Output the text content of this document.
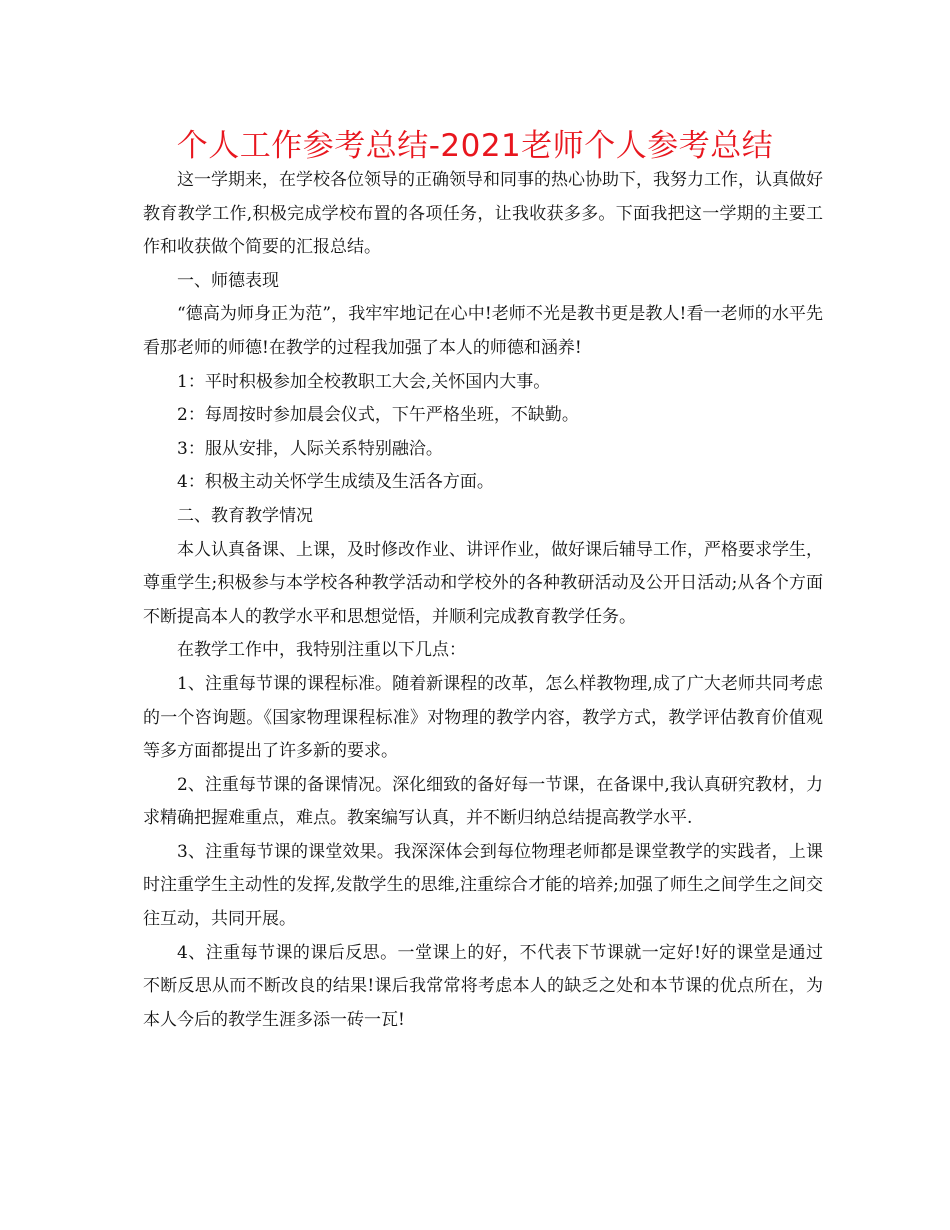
个人工作参考总结-2021老师个人参考总结

这一学期来，在学校各位领导的正确领导和同事的热心协助下，我努力工作，认真做好教育教学工作,积极完成学校布置的各项任务，让我收获多多。下面我把这一学期的主要工作和收获做个简要的汇报总结。

一、师德表现

“德高为师身正为范”，我牢牢地记在心中!老师不光是教书更是教人!看一老师的水平先看那老师的师德!在教学的过程我加强了本人的师德和涵养!

1：平时积极参加全校教职工大会,关怀国内大事。

2：每周按时参加晨会仪式，下午严格坐班，不缺勤。

3：服从安排，人际关系特别融洽。

4：积极主动关怀学生成绩及生活各方面。

二、教育教学情况

本人认真备课、上课，及时修改作业、讲评作业，做好课后辅导工作，严格要求学生，尊重学生;积极参与本学校各种教学活动和学校外的各种教研活动及公开日活动;从各个方面不断提高本人的教学水平和思想觉悟，并顺利完成教育教学任务。

在教学工作中，我特别注重以下几点：

1、注重每节课的课程标准。随着新课程的改革，怎么样教物理,成了广大老师共同考虑的一个咨询题。《国家物理课程标准》对物理的教学内容，教学方式，教学评估教育价值观等多方面都提出了许多新的要求。

2、注重每节课的备课情况。深化细致的备好每一节课，在备课中,我认真研究教材，力求精确把握难重点，难点。教案编写认真，并不断归纳总结提高教学水平.

3、注重每节课的课堂效果。我深深体会到每位物理老师都是课堂教学的实践者，上课时注重学生主动性的发挥,发散学生的思维,注重综合才能的培养;加强了师生之间学生之间交往互动，共同开展。

4、注重每节课的课后反思。一堂课上的好，不代表下节课就一定好!好的课堂是通过不断反思从而不断改良的结果!课后我常常将考虑本人的缺乏之处和本节课的优点所在，为本人今后的教学生涯多添一砖一瓦!
